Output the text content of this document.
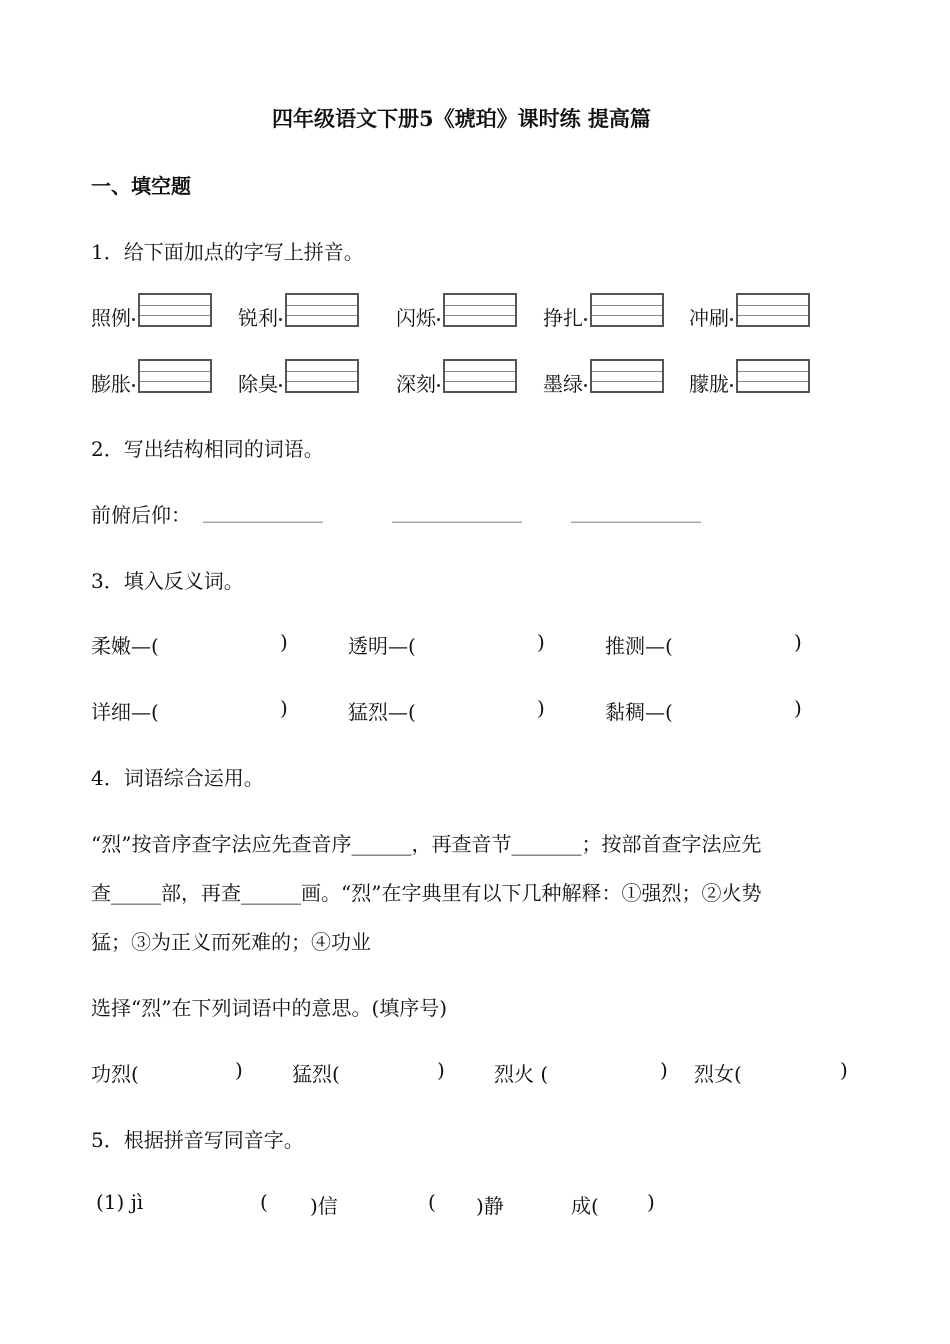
四年级语文下册5《琥珀》课时练 提高篇
一、填空题
1．给下面加点的字写上拼音。
照例	锐利	闪烁	挣扎	冲刷
膨胀	除臭	深刻	墨绿	朦胧
2．写出结构相同的词语。
前俯后仰： ____________	_____________ _____________
3．填入反义词。
柔嫩—(	)	透明—(	)	推测—(	)
详细—(	)	猛烈—(	)	黏稠—(	)
4．词语综合运用。
“烈”按音序查字法应先查音序______，再查音节_______；按部首查字法应先
查_____部，再查______画。“烈”在字典里有以下几种解释：①强烈；②火势
猛；③为正义而死难的；④功业
选择“烈”在下列词语中的意思。(填序号)
功烈(	) 猛烈(	) 烈火 (	) 烈女(	)
5．根据拼音写同音字。
(1) jì	( )信	( )静	成( )
